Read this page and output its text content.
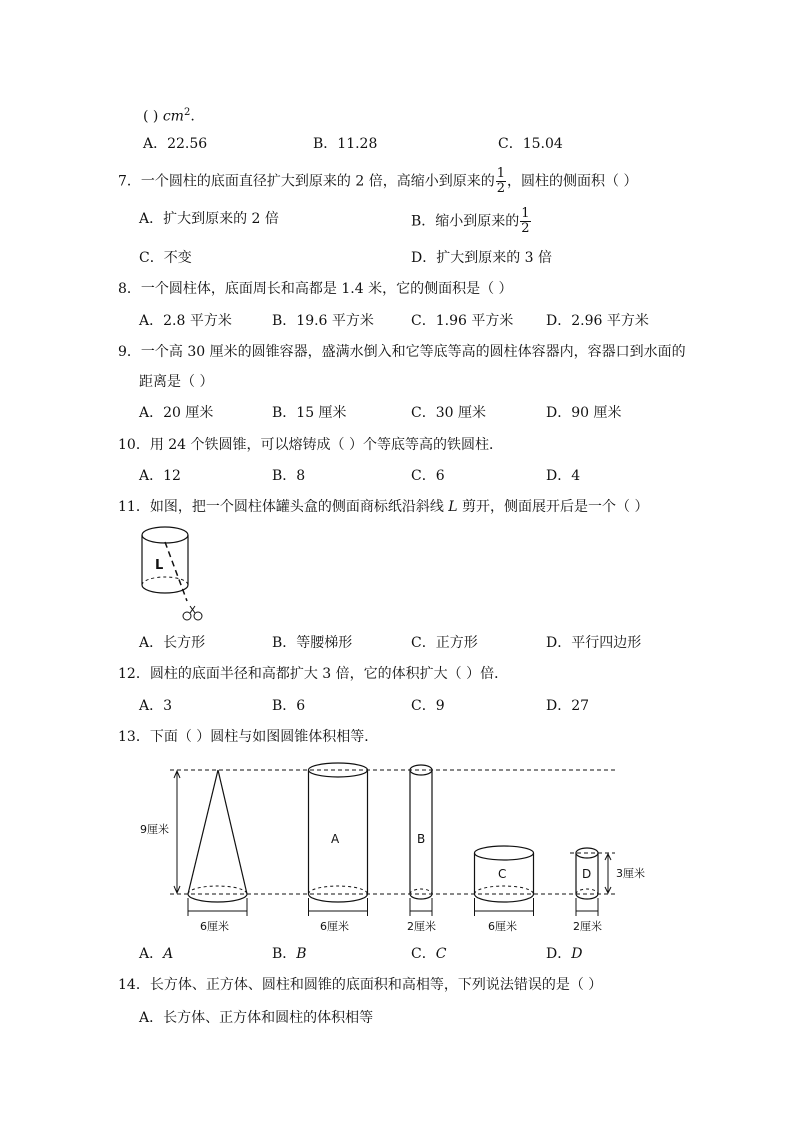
( ) $cm^2$.
A．22.56	B．11.28	C．15.04
7．一个圆柱的底面直径扩大到原来的 2 倍，高缩小到原来的 $\frac{1}{2}$ ，圆柱的侧面积（ ）
A．扩大到原来的 2 倍	B．缩小到原来的 $\frac{1}{2}$
C．不变	D．扩大到原来的 3 倍
8．一个圆柱体，底面周长和高都是 1.4 米，它的侧面积是（ ）
A．2.8 平方米	B．19.6 平方米	C．1.96 平方米 D．2.96 平方米
9．一个高 30 厘米的圆锥容器，盛满水倒入和它等底等高的圆柱体容器内，容器口到水面的
距离是（ ）
A．20 厘米	B．15 厘米	C．30 厘米	D．90 厘米
10．用 24 个铁圆锥，可以熔铸成（ ）个等底等高的铁圆柱．
A．12	B．8	C．6	D．4
11．如图，把一个圆柱体罐头盒的侧面商标纸沿斜线 L 剪开，侧面展开后是一个（ ）
L
A．长方形	B．等腰梯形	C．正方形	D．平行四边形
12．圆柱的底面半径和高都扩大 3 倍，它的体积扩大（ ）倍．
A．3	B．6	C．9	D．27
13．下面（ ）圆柱与如图圆锥体积相等．
9厘米
6厘米
A
6厘米
B
2厘米
C
6厘米
D 3厘米
2厘米
A．A	B．B	C．C	D．D
14．长方体、正方体、圆柱和圆锥的底面积和高相等，下列说法错误的是（ ）
A．长方体、正方体和圆柱的体积相等
